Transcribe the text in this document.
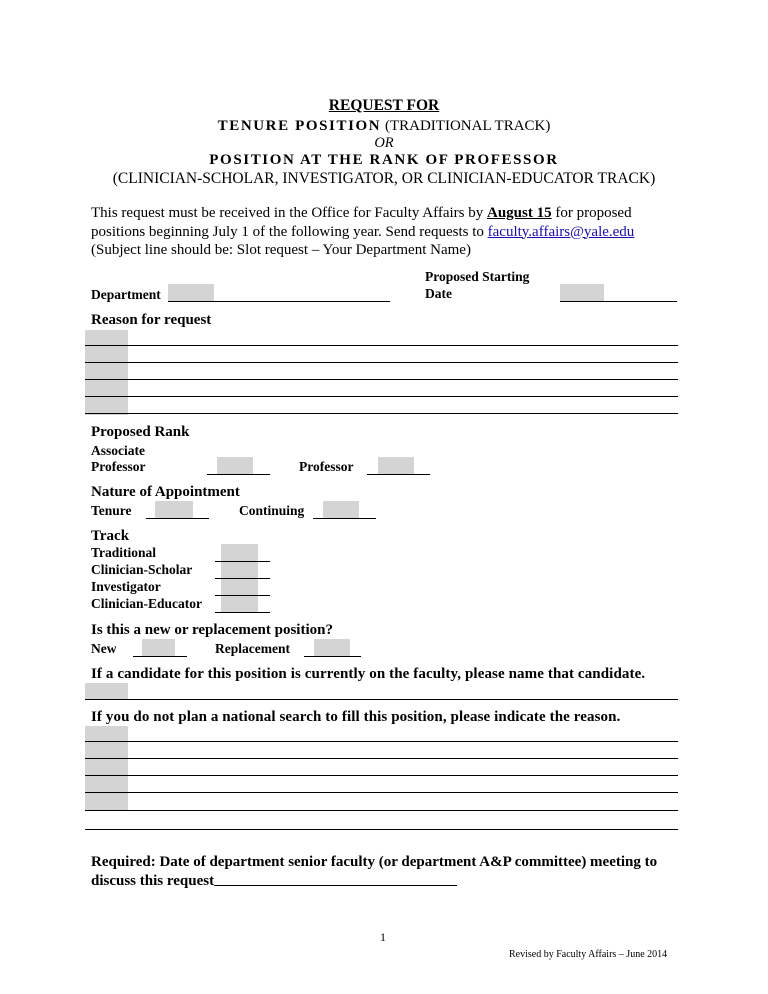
REQUEST FOR
TENURE POSITION (TRADITIONAL TRACK)
OR
POSITION AT THE RANK OF PROFESSOR
(CLINICIAN-SCHOLAR, INVESTIGATOR, OR CLINICIAN-EDUCATOR TRACK)
This request must be received in the Office for Faculty Affairs by August 15 for proposed
positions beginning July 1 of the following year. Send requests to faculty.affairs@yale.edu
(Subject line should be: Slot request – Your Department Name)
Department
Proposed Starting
Date
Reason for request
Proposed Rank
Associate
Professor	Professor
Nature of Appointment
Tenure	Continuing
Track
Traditional
Clinician-Scholar
Investigator
Clinician-Educator
Is this a new or replacement position?
New	Replacement
If a candidate for this position is currently on the faculty, please name that candidate.
If you do not plan a national search to fill this position, please indicate the reason.
Required: Date of department senior faculty (or department A&P committee) meeting to
discuss this request
1
Revised by Faculty Affairs – June 2014
